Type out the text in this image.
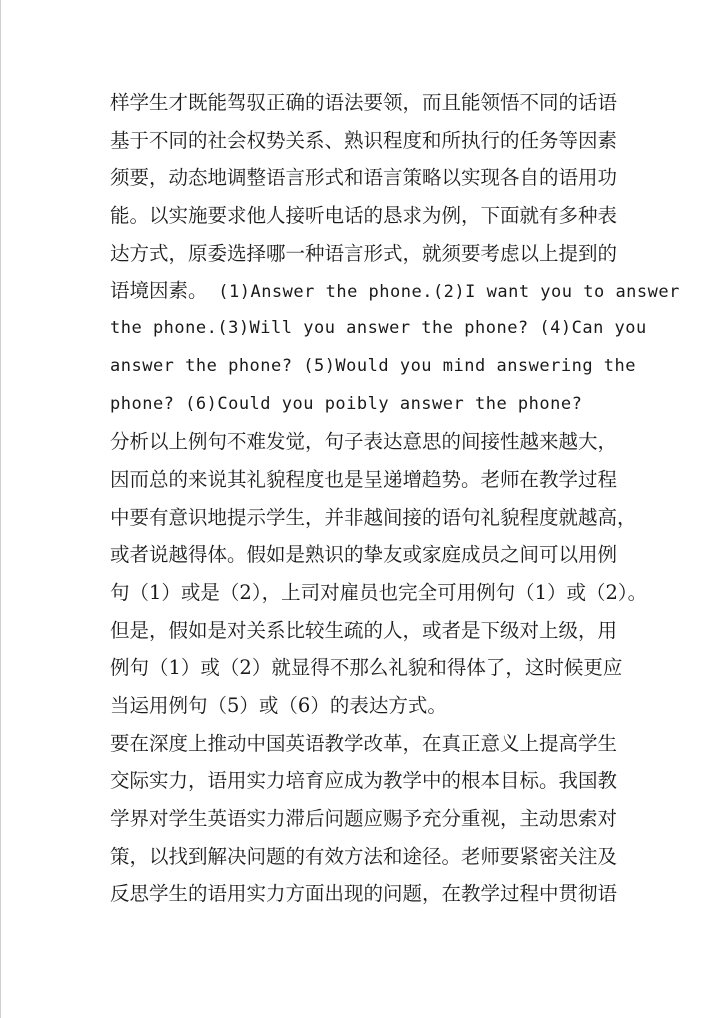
样学生才既能驾驭正确的语法要领，而且能领悟不同的话语
基于不同的社会权势关系、熟识程度和所执行的任务等因素
须要，动态地调整语言形式和语言策略以实现各自的语用功
能。以实施要求他人接听电话的恳求为例，下面就有多种表
达方式，原委选择哪一种语言形式，就须要考虑以上提到的
语境因素。 (1)Answer the phone.(2)I want you to answer
the phone.(3)Will you answer the phone? (4)Can you
answer the phone? (5)Would you mind answering the
phone? (6)Could you poibly answer the phone?
分析以上例句不难发觉，句子表达意思的间接性越来越大，
因而总的来说其礼貌程度也是呈递增趋势。老师在教学过程
中要有意识地提示学生，并非越间接的语句礼貌程度就越高，
或者说越得体。假如是熟识的挚友或家庭成员之间可以用例
句（1）或是（2），上司对雇员也完全可用例句（1）或（2）。
但是，假如是对关系比较生疏的人，或者是下级对上级，用
例句（1）或（2）就显得不那么礼貌和得体了，这时候更应
当运用例句（5）或（6）的表达方式。
要在深度上推动中国英语教学改革，在真正意义上提高学生
交际实力，语用实力培育应成为教学中的根本目标。我国教
学界对学生英语实力滞后问题应赐予充分重视，主动思索对
策，以找到解决问题的有效方法和途径。老师要紧密关注及
反思学生的语用实力方面出现的问题，在教学过程中贯彻语
